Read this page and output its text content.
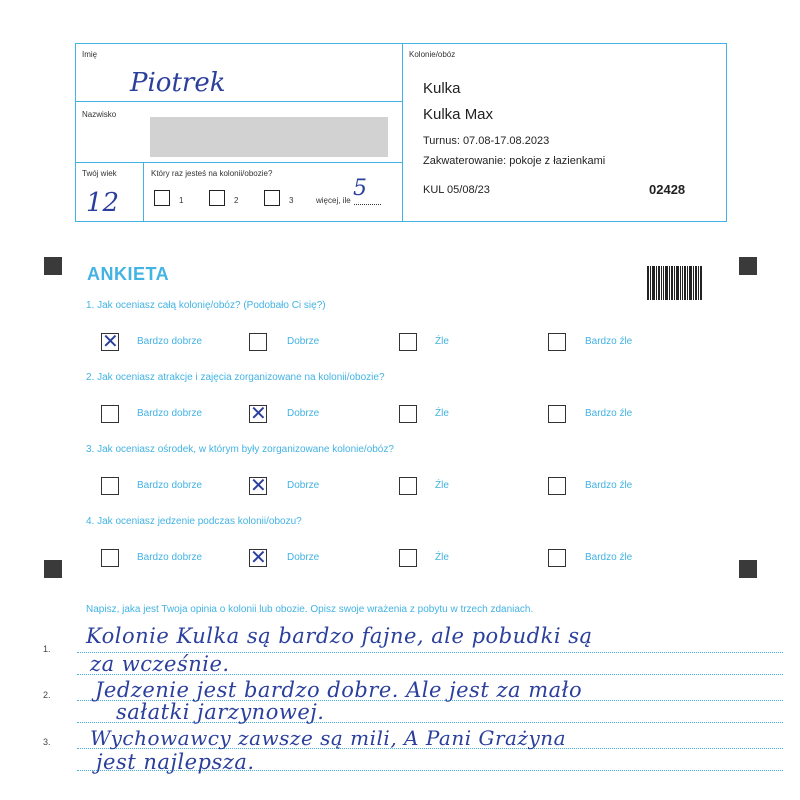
Imię
Piotrek
Nazwisko
Twój wiek
12
Który raz jesteś na kolonii/obozie?
1	2	3	więcej, ile 5
Kolonie/obóz
Kulka
Kulka Max
Turnus: 07.08-17.08.2023
Zakwaterowanie: pokoje z łazienkami
KUL 05/08/23	02428
ANKIETA
1. Jak oceniasz całą kolonię/obóz? (Podobało Ci się?)
2. Jak oceniasz atrakcje i zajęcia zorganizowane na kolonii/obozie?
3. Jak oceniasz ośrodek, w którym były zorganizowane kolonie/obóz?
4. Jak oceniasz jedzenie podczas kolonii/obozu?
✕ Bardzo dobrze	Dobrze	Źle	Bardzo źle
Bardzo dobrze ✕ Dobrze	Źle	Bardzo źle
Bardzo dobrze ✕ Dobrze	Źle	Bardzo źle
Bardzo dobrze ✕ Dobrze	Źle	Bardzo źle
Napisz, jaka jest Twoja opinia o kolonii lub obozie. Opisz swoje wrażenia z pobytu w trzech zdaniach.
1.
2.
3.
Kolonie Kulka są bardzo fajne, ale pobudki są
za wcześnie.
Jedzenie jest bardzo dobre. Ale jest za mało
sałatki jarzynowej.
Wychowawcy zawsze są mili, A Pani Grażyna
jest najlepsza.
